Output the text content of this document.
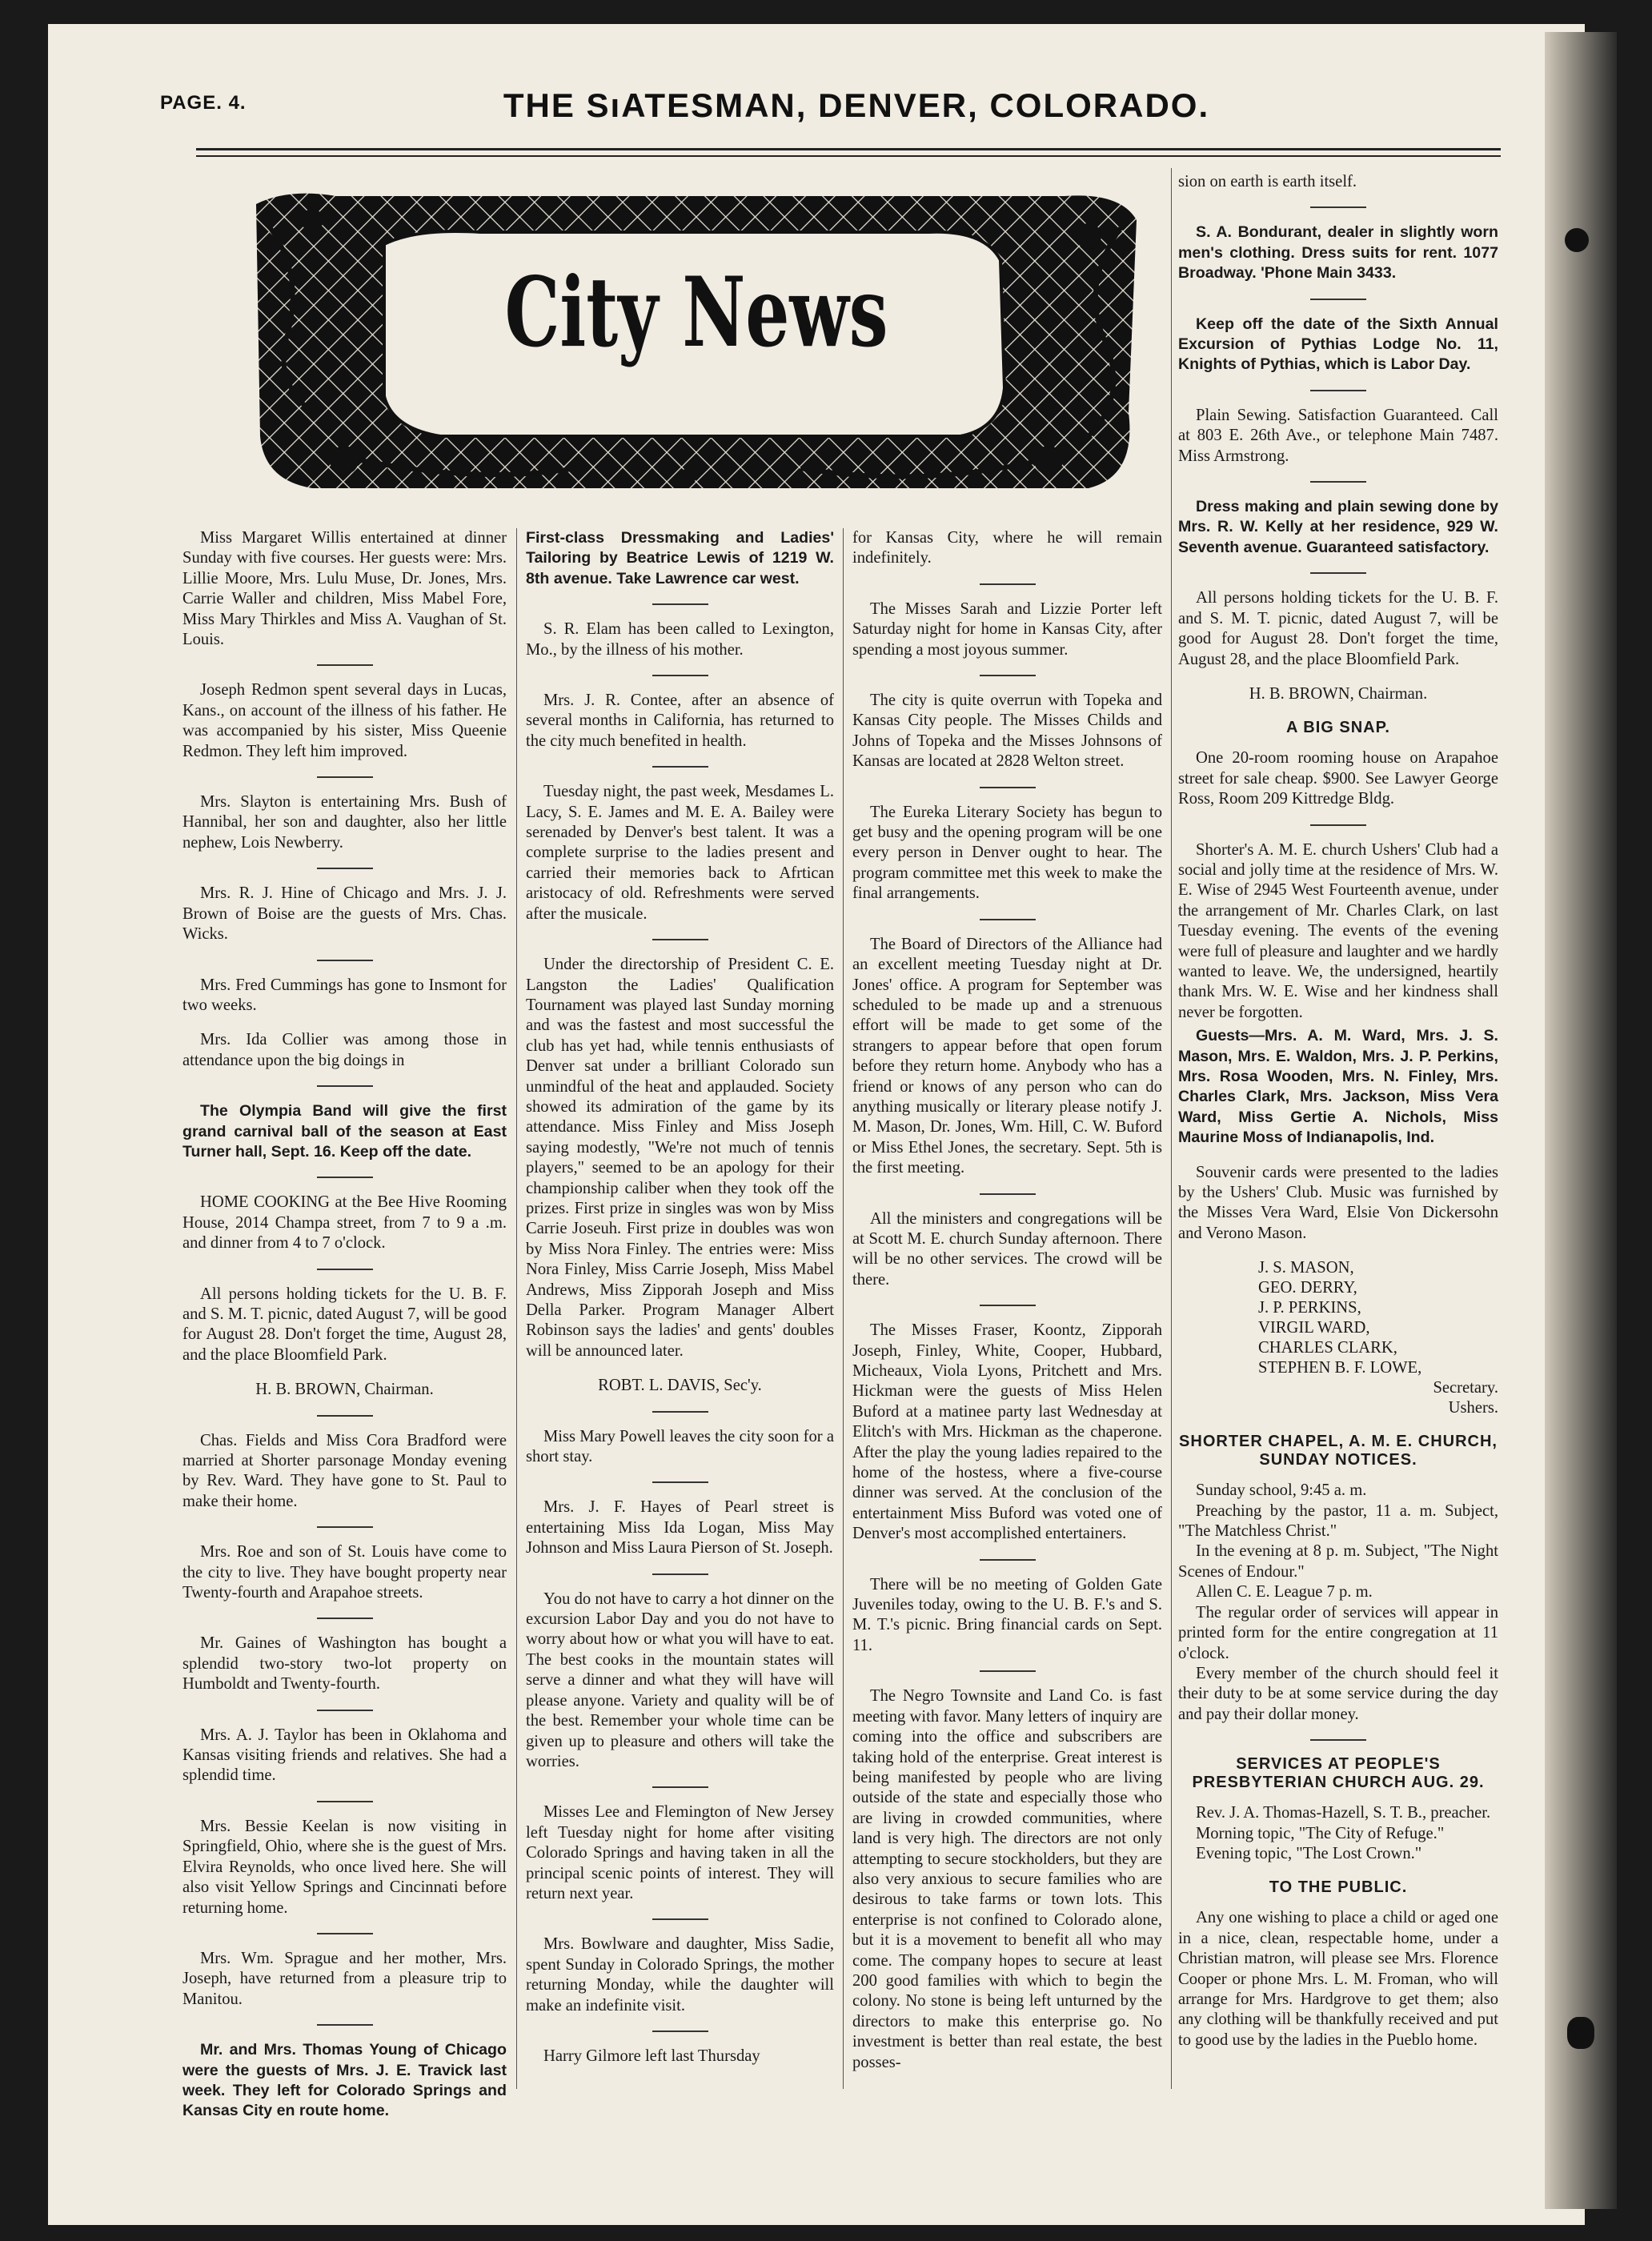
PAGE. 4.	THE SıATESMAN, DENVER, COLORADO.
City News

Miss Margaret Willis entertained at dinner Sunday with five courses. Her guests were: Mrs. Lillie Moore, Mrs. Lulu Muse, Dr. Jones, Mrs. Carrie Waller and children, Miss Mabel Fore, Miss Mary Thirkles and Miss A. Vaughan of St. Louis.

Joseph Redmon spent several days in Lucas, Kans., on account of the illness of his father. He was accompanied by his sister, Miss Queenie Redmon. They left him improved.

Mrs. Slayton is entertaining Mrs. Bush of Hannibal, her son and daughter, also her little nephew, Lois Newberry.

Mrs. R. J. Hine of Chicago and Mrs. J. J. Brown of Boise are the guests of Mrs. Chas. Wicks.

Mrs. Fred Cummings has gone to Insmont for two weeks.

Mrs. Ida Collier was among those in attendance upon the big doings in

The Olympia Band will give the first grand carnival ball of the season at East Turner hall, Sept. 16. Keep off the date.

HOME COOKING at the Bee Hive Rooming House, 2014 Champa street, from 7 to 9 a .m. and dinner from 4 to 7 o'clock.

All persons holding tickets for the U. B. F. and S. M. T. picnic, dated August 7, will be good for August 28. Don't forget the time, August 28, and the place Bloomfield Park.

H. B. BROWN, Chairman.

Chas. Fields and Miss Cora Bradford were married at Shorter parsonage Monday evening by Rev. Ward. They have gone to St. Paul to make their home.

Mrs. Roe and son of St. Louis have come to the city to live. They have bought property near Twenty-fourth and Arapahoe streets.

Mr. Gaines of Washington has bought a splendid two-story two-lot property on Humboldt and Twenty-fourth.

Mrs. A. J. Taylor has been in Oklahoma and Kansas visiting friends and relatives. She had a splendid time.

Mrs. Bessie Keelan is now visiting in Springfield, Ohio, where she is the guest of Mrs. Elvira Reynolds, who once lived here. She will also visit Yellow Springs and Cincinnati before returning home.

Mrs. Wm. Sprague and her mother, Mrs. Joseph, have returned from a pleasure trip to Manitou.

Mr. and Mrs. Thomas Young of Chicago were the guests of Mrs. J. E. Travick last week. They left for Colorado Springs and Kansas City en route home.

First-class Dressmaking and Ladies' Tailoring by Beatrice Lewis of 1219 W. 8th avenue. Take Lawrence car west.

S. R. Elam has been called to Lexington, Mo., by the illness of his mother.

Mrs. J. R. Contee, after an absence of several months in California, has returned to the city much benefited in health.

Tuesday night, the past week, Mesdames L. Lacy, S. E. James and M. E. A. Bailey were serenaded by Denver's best talent. It was a complete surprise to the ladies present and carried their memories back to Afrtican aristocacy of old. Refreshments were served after the musicale.

Under the directorship of President C. E. Langston the Ladies' Qualification Tournament was played last Sunday morning and was the fastest and most successful the club has yet had, while tennis enthusiasts of Denver sat under a brilliant Colorado sun unmindful of the heat and applauded. Society showed its admiration of the game by its attendance. Miss Finley and Miss Joseph saying modestly, "We're not much of tennis players," seemed to be an apology for their championship caliber when they took off the prizes. First prize in singles was won by Miss Carrie Joseuh. First prize in doubles was won by Miss Nora Finley. The entries were: Miss Nora Finley, Miss Carrie Joseph, Miss Mabel Andrews, Miss Zipporah Joseph and Miss Della Parker. Program Manager Albert Robinson says the ladies' and gents' doubles will be announced later.

ROBT. L. DAVIS, Sec'y.

Miss Mary Powell leaves the city soon for a short stay.

Mrs. J. F. Hayes of Pearl street is entertaining Miss Ida Logan, Miss May Johnson and Miss Laura Pierson of St. Joseph.

You do not have to carry a hot dinner on the excursion Labor Day and you do not have to worry about how or what you will have to eat. The best cooks in the mountain states will serve a dinner and what they will have will please anyone. Variety and quality will be of the best. Remember your whole time can be given up to pleasure and others will take the worries.

Misses Lee and Flemington of New Jersey left Tuesday night for home after visiting Colorado Springs and having taken in all the principal scenic points of interest. They will return next year.

Mrs. Bowlware and daughter, Miss Sadie, spent Sunday in Colorado Springs, the mother returning Monday, while the daughter will make an indefinite visit.

Harry Gilmore left last Thursday

for Kansas City, where he will remain indefinitely.

The Misses Sarah and Lizzie Porter left Saturday night for home in Kansas City, after spending a most joyous summer.

The city is quite overrun with Topeka and Kansas City people. The Misses Childs and Johns of Topeka and the Misses Johnsons of Kansas are located at 2828 Welton street.

The Eureka Literary Society has begun to get busy and the opening program will be one every person in Denver ought to hear. The program committee met this week to make the final arrangements.

The Board of Directors of the Alliance had an excellent meeting Tuesday night at Dr. Jones' office. A program for September was scheduled to be made up and a strenuous effort will be made to get some of the strangers to appear before that open forum before they return home. Anybody who has a friend or knows of any person who can do anything musically or literary please notify J. M. Mason, Dr. Jones, Wm. Hill, C. W. Buford or Miss Ethel Jones, the secretary. Sept. 5th is the first meeting.

All the ministers and congregations will be at Scott M. E. church Sunday afternoon. There will be no other services. The crowd will be there.

The Misses Fraser, Koontz, Zipporah Joseph, Finley, White, Cooper, Hubbard, Micheaux, Viola Lyons, Pritchett and Mrs. Hickman were the guests of Miss Helen Buford at a matinee party last Wednesday at Elitch's with Mrs. Hickman as the chaperone. After the play the young ladies repaired to the home of the hostess, where a five-course dinner was served. At the conclusion of the entertainment Miss Buford was voted one of Denver's most accomplished entertainers.

There will be no meeting of Golden Gate Juveniles today, owing to the U. B. F.'s and S. M. T.'s picnic. Bring financial cards on Sept. 11.

The Negro Townsite and Land Co. is fast meeting with favor. Many letters of inquiry are coming into the office and subscribers are taking hold of the enterprise. Great interest is being manifested by people who are living outside of the state and especially those who are living in crowded communities, where land is very high. The directors are not only attempting to secure stockholders, but they are also very anxious to secure families who are desirous to take farms or town lots. This enterprise is not confined to Colorado alone, but it is a movement to benefit all who may come. The company hopes to secure at least 200 good families with which to begin the colony. No stone is being left unturned by the directors to make this enterprise go. No investment is better than real estate, the best posses-

sion on earth is earth itself.

S. A. Bondurant, dealer in slightly worn men's clothing. Dress suits for rent. 1077 Broadway. 'Phone Main 3433.

Keep off the date of the Sixth Annual Excursion of Pythias Lodge No. 11, Knights of Pythias, which is Labor Day.

Plain Sewing. Satisfaction Guaranteed. Call at 803 E. 26th Ave., or telephone Main 7487. Miss Armstrong.

Dress making and plain sewing done by Mrs. R. W. Kelly at her residence, 929 W. Seventh avenue. Guaranteed satisfactory.

All persons holding tickets for the U. B. F. and S. M. T. picnic, dated August 7, will be good for August 28. Don't forget the time, August 28, and the place Bloomfield Park.

H. B. BROWN, Chairman.

A BIG SNAP.

One 20-room rooming house on Arapahoe street for sale cheap. $900. See Lawyer George Ross, Room 209 Kittredge Bldg.

Shorter's A. M. E. church Ushers' Club had a social and jolly time at the residence of Mrs. W. E. Wise of 2945 West Fourteenth avenue, under the arrangement of Mr. Charles Clark, on last Tuesday evening. The events of the evening were full of pleasure and laughter and we hardly wanted to leave. We, the undersigned, heartily thank Mrs. W. E. Wise and her kindness shall never be forgotten.

Guests—Mrs. A. M. Ward, Mrs. J. S. Mason, Mrs. E. Waldon, Mrs. J. P. Perkins, Mrs. Rosa Wooden, Mrs. N. Finley, Mrs. Charles Clark, Mrs. Jackson, Miss Vera Ward, Miss Gertie A. Nichols, Miss Maurine Moss of Indianapolis, Ind.

Souvenir cards were presented to the ladies by the Ushers' Club. Music was furnished by the Misses Vera Ward, Elsie Von Dickersohn and Verono Mason.

J. S. MASON,
GEO. DERRY,
J. P. PERKINS,
VIRGIL WARD,
CHARLES CLARK,
STEPHEN B. F. LOWE,
Secretary.
Ushers.
SHORTER CHAPEL, A. M. E. CHURCH, SUNDAY NOTICES.

Sunday school, 9:45 a. m.

Preaching by the pastor, 11 a. m. Subject, "The Matchless Christ."

In the evening at 8 p. m. Subject, "The Night Scenes of Endour."

Allen C. E. League 7 p. m.

The regular order of services will appear in printed form for the entire congregation at 11 o'clock.

Every member of the church should feel it their duty to be at some service during the day and pay their dollar money.

SERVICES AT PEOPLE'S PRESBYTERIAN CHURCH AUG. 29.

Rev. J. A. Thomas-Hazell, S. T. B., preacher.

Morning topic, "The City of Refuge."

Evening topic, "The Lost Crown."

TO THE PUBLIC.

Any one wishing to place a child or aged one in a nice, clean, respectable home, under a Christian matron, will please see Mrs. Florence Cooper or phone Mrs. L. M. Froman, who will arrange for Mrs. Hardgrove to get them; also any clothing will be thankfully received and put to good use by the ladies in the Pueblo home.
